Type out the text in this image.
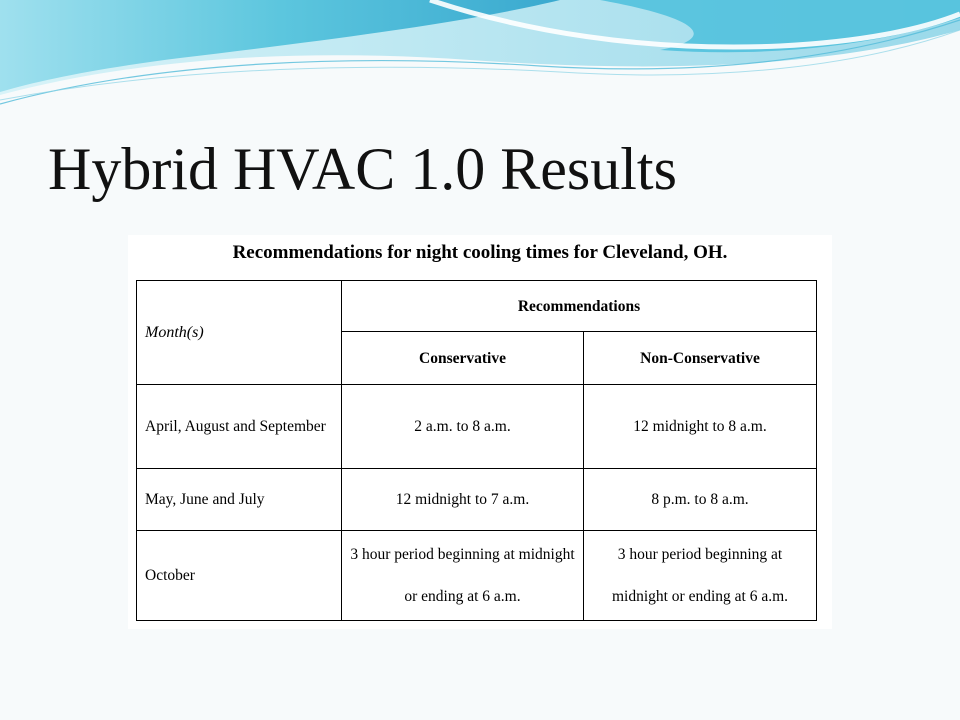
Hybrid HVAC 1.0 Results
Recommendations for night cooling times for Cleveland, OH.
Month(s)	Recommendations	
	Conservative	Non-Conservative
April, August and September	2 a.m. to 8 a.m.	12 midnight to 8 a.m.
May, June and July	12 midnight to 7 a.m.	8 p.m. to 8 a.m.
October	3 hour period beginning at midnight or ending at 6 a.m.	3 hour period beginning at midnight or ending at 6 a.m.
